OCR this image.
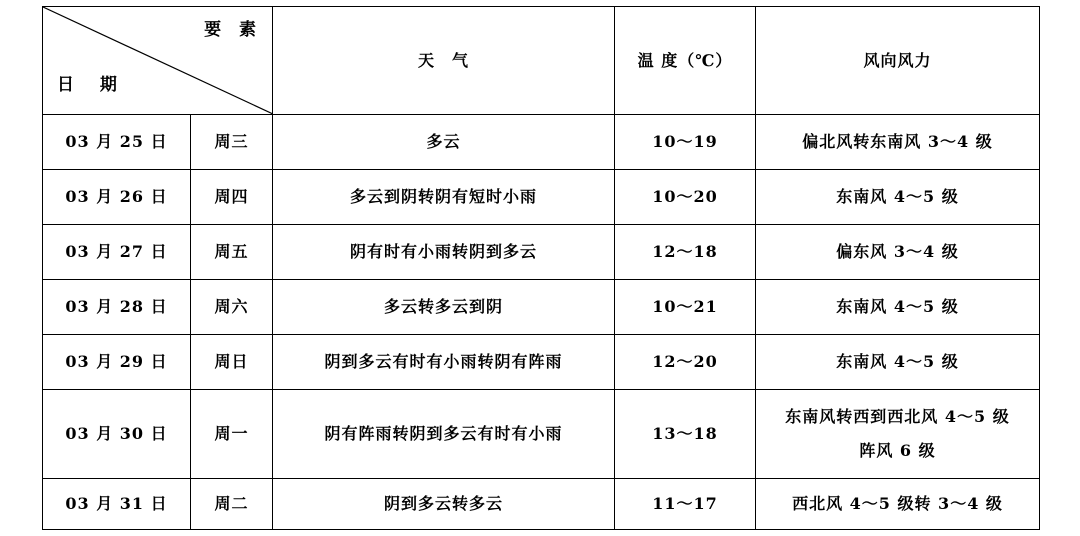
要 素
日 期		天　气	温 度（℃）	风向风力
03 月 25 日	周三	多云	10～19	偏北风转东南风 3～4 级

03 月 26 日	周四	多云到阴转阴有短时小雨	10～20	东南风 4～5 级

03 月 27 日	周五	阴有时有小雨转阴到多云	12～18	偏东风 3～4 级

03 月 28 日	周六	多云转多云到阴	10～21	东南风 4～5 级

03 月 29 日	周日	阴到多云有时有小雨转阴有阵雨	12～20	东南风 4～5 级

03 月 30 日	周一	阴有阵雨转阴到多云有时有小雨	13～18	东南风转西到西北风 4～5 级
阵风 6 级

03 月 31 日	周二	阴到多云转多云	11～17	西北风 4～5 级转 3～4 级
